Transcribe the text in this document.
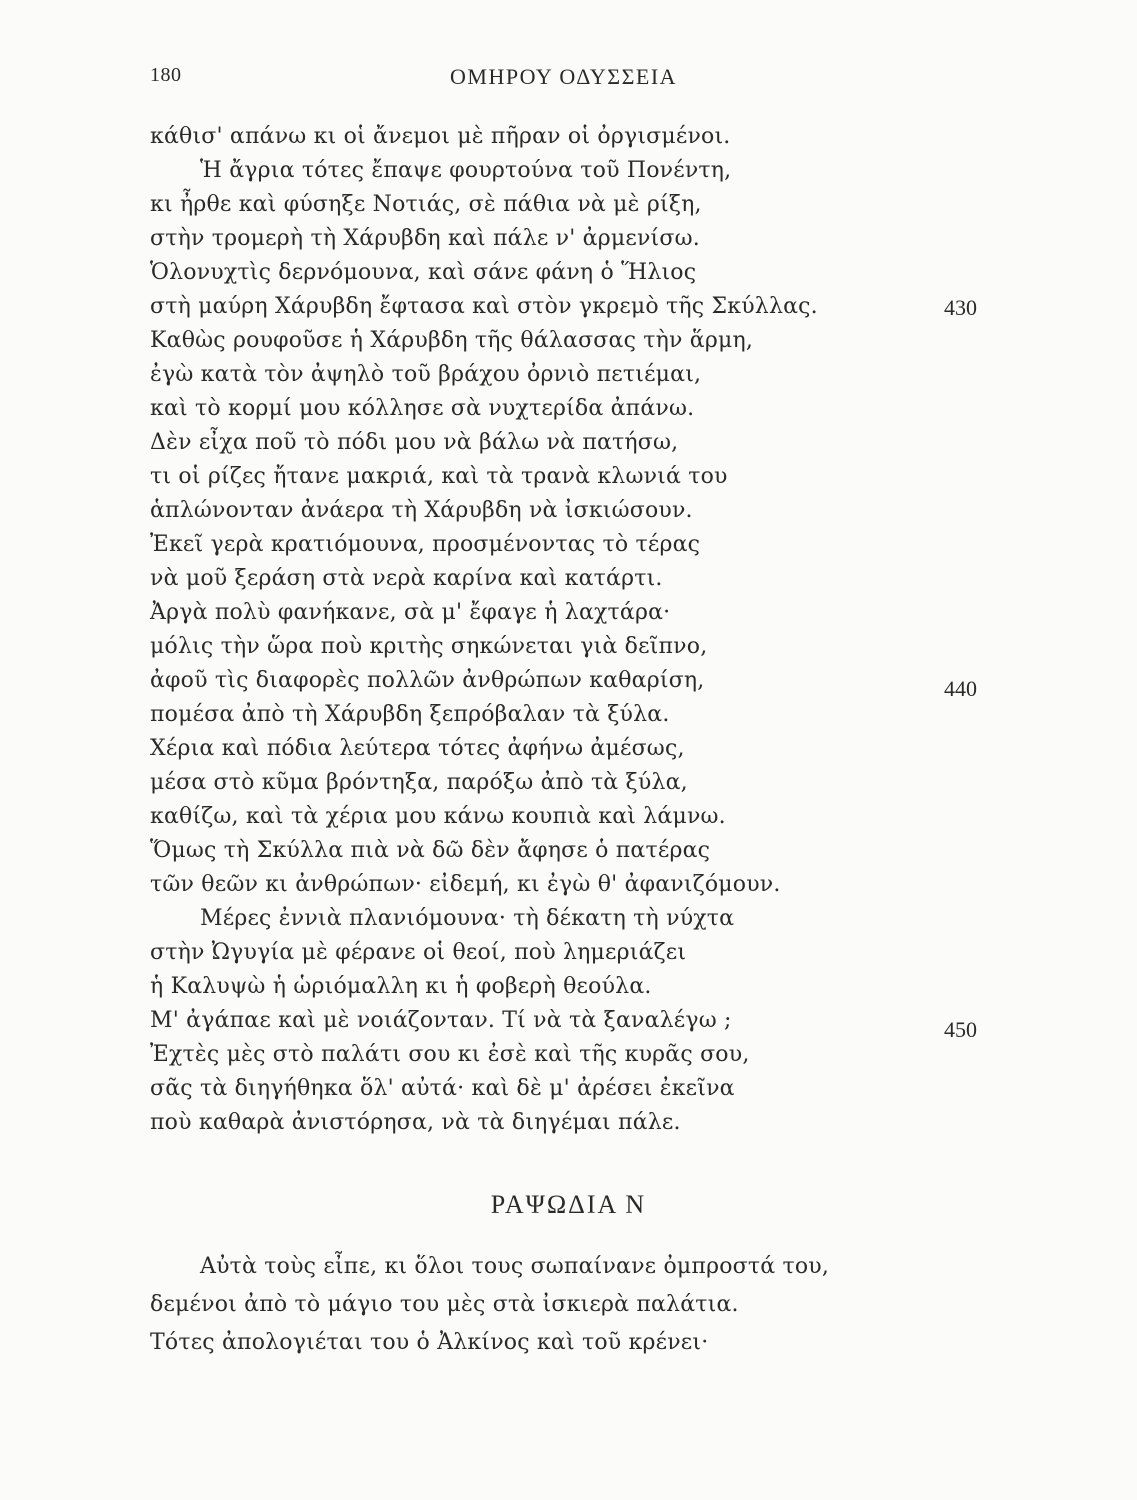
180	ΟΜΗΡΟΥ ΟΔΥΣΣΕΙΑ
κάθισ' απάνω κι οἱ ἄνεμοι μὲ πῆραν οἱ ὀργισμένοι.
Ἡ ἄγρια τότες ἔπαψε φουρτούνα τοῦ Πονέντη,
κι ἦρθε καὶ φύσηξε Νοτιάς, σὲ πάθια νὰ μὲ ρίξη,
στὴν τρομερὴ τὴ Χάρυβδη καὶ πάλε ν' ἀρμενίσω.
Ὁλονυχτὶς δερνόμουνα, καὶ σάνε φάνη ὁ Ἥλιος
στὴ μαύρη Χάρυβδη ἔφτασα καὶ στὸν γκρεμὸ τῆς Σκύλλας.	430
Καθὼς ρουφοῦσε ἡ Χάρυβδη τῆς θάλασσας τὴν ἅρμη,
ἐγὼ κατὰ τὸν ἀψηλὸ τοῦ βράχου ὀρνιὸ πετιέμαι,
καὶ τὸ κορμί μου κόλλησε σὰ νυχτερίδα ἀπάνω.
Δὲν εἶχα ποῦ τὸ πόδι μου νὰ βάλω νὰ πατήσω,
τι οἱ ρίζες ἤτανε μακριά, καὶ τὰ τρανὰ κλωνιά του
ἁπλώνονταν ἀνάερα τὴ Χάρυβδη νὰ ἰσκιώσουν.
Ἐκεῖ γερὰ κρατιόμουνα, προσμένοντας τὸ τέρας
νὰ μοῦ ξεράση στὰ νερὰ καρίνα καὶ κατάρτι.
Ἀργὰ πολὺ φανήκανε, σὰ μ' ἔφαγε ἡ λαχτάρα·
μόλις τὴν ὥρα ποὺ κριτὴς σηκώνεται γιὰ δεῖπνο,
ἀφοῦ τὶς διαφορὲς πολλῶν ἀνθρώπων καθαρίση,	440
πομέσα ἀπὸ τὴ Χάρυβδη ξεπρόβαλαν τὰ ξύλα.
Χέρια καὶ πόδια λεύτερα τότες ἀφήνω ἀμέσως,
μέσα στὸ κῦμα βρόντηξα, παρόξω ἀπὸ τὰ ξύλα,
καθίζω, καὶ τὰ χέρια μου κάνω κουπιὰ καὶ λάμνω.
Ὅμως τὴ Σκύλλα πιὰ νὰ δῶ δὲν ἄφησε ὁ πατέρας
τῶν θεῶν κι ἀνθρώπων· εἰδεμή, κι ἐγὼ θ' ἀφανιζόμουν.
Μέρες ἐννιὰ πλανιόμουνα· τὴ δέκατη τὴ νύχτα
στὴν Ὠγυγία μὲ φέρανε οἱ θεοί, ποὺ λημεριάζει
ἡ Καλυψὼ ἡ ὡριόμαλλη κι ἡ φοβερὴ θεούλα.
Μ' ἀγάπαε καὶ μὲ νοιάζονταν. Τί νὰ τὰ ξαναλέγω ;	450
Ἐχτὲς μὲς στὸ παλάτι σου κι ἐσὲ καὶ τῆς κυρᾶς σου,
σᾶς τὰ διηγήθηκα ὅλ' αὐτά· καὶ δὲ μ' ἀρέσει ἐκεῖνα
ποὺ καθαρὰ ἀνιστόρησα, νὰ τὰ διηγέμαι πάλε.
ΡΑΨΩΔΙΑ Ν
Αὐτὰ τοὺς εἶπε, κι ὅλοι τους σωπαίνανε ὀμπροστά του,
δεμένοι ἀπὸ τὸ μάγιο του μὲς στὰ ἰσκιερὰ παλάτια.
Τότες ἀπολογιέται του ὁ Ἀλκίνος καὶ τοῦ κρένει·
